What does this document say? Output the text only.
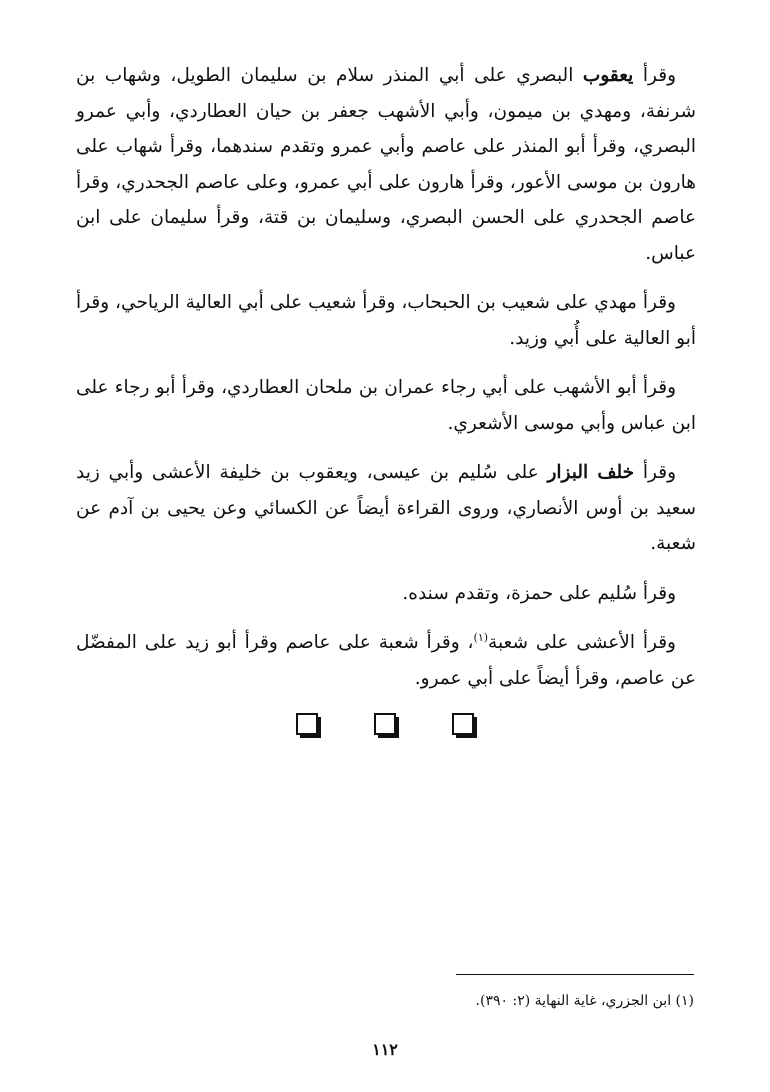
وقرأ يعقوب البصري على أبي المنذر سلام بن سليمان الطويل، وشهاب بن شرنفة، ومهدي بن ميمون، وأبي الأشهب جعفر بن حيان العطاردي، وأبي عمرو البصري، وقرأ أبو المنذر على عاصم وأبي عمرو وتقدم سندهما، وقرأ شهاب على هارون بن موسى الأعور، وقرأ هارون على أبي عمرو، وعلى عاصم الجحدري، وقرأ عاصم الجحدري على الحسن البصري، وسليمان بن قتة، وقرأ سليمان على ابن عباس.

وقرأ مهدي على شعيب بن الحبحاب، وقرأ شعيب على أبي العالية الرياحي، وقرأ أبو العالية على أُبي وزيد.

وقرأ أبو الأشهب على أبي رجاء عمران بن ملحان العطاردي، وقرأ أبو رجاء على ابن عباس وأبي موسى الأشعري.

وقرأ خلف البزار على سُليم بن عيسى، ويعقوب بن خليفة الأعشى وأبي زيد سعيد بن أوس الأنصاري، وروى القراءة أيضاً عن الكسائي وعن يحيى بن آدم عن شعبة.

وقرأ سُليم على حمزة، وتقدم سنده.

وقرأ الأعشى على شعبة$^{(١)}$، وقرأ شعبة على عاصم وقرأ أبو زيد على المفضّل عن عاصم، وقرأ أيضاً على أبي عمرو.

(١) ابن الجزري، غاية النهاية (٢: ٣٩٠).
١١٢
